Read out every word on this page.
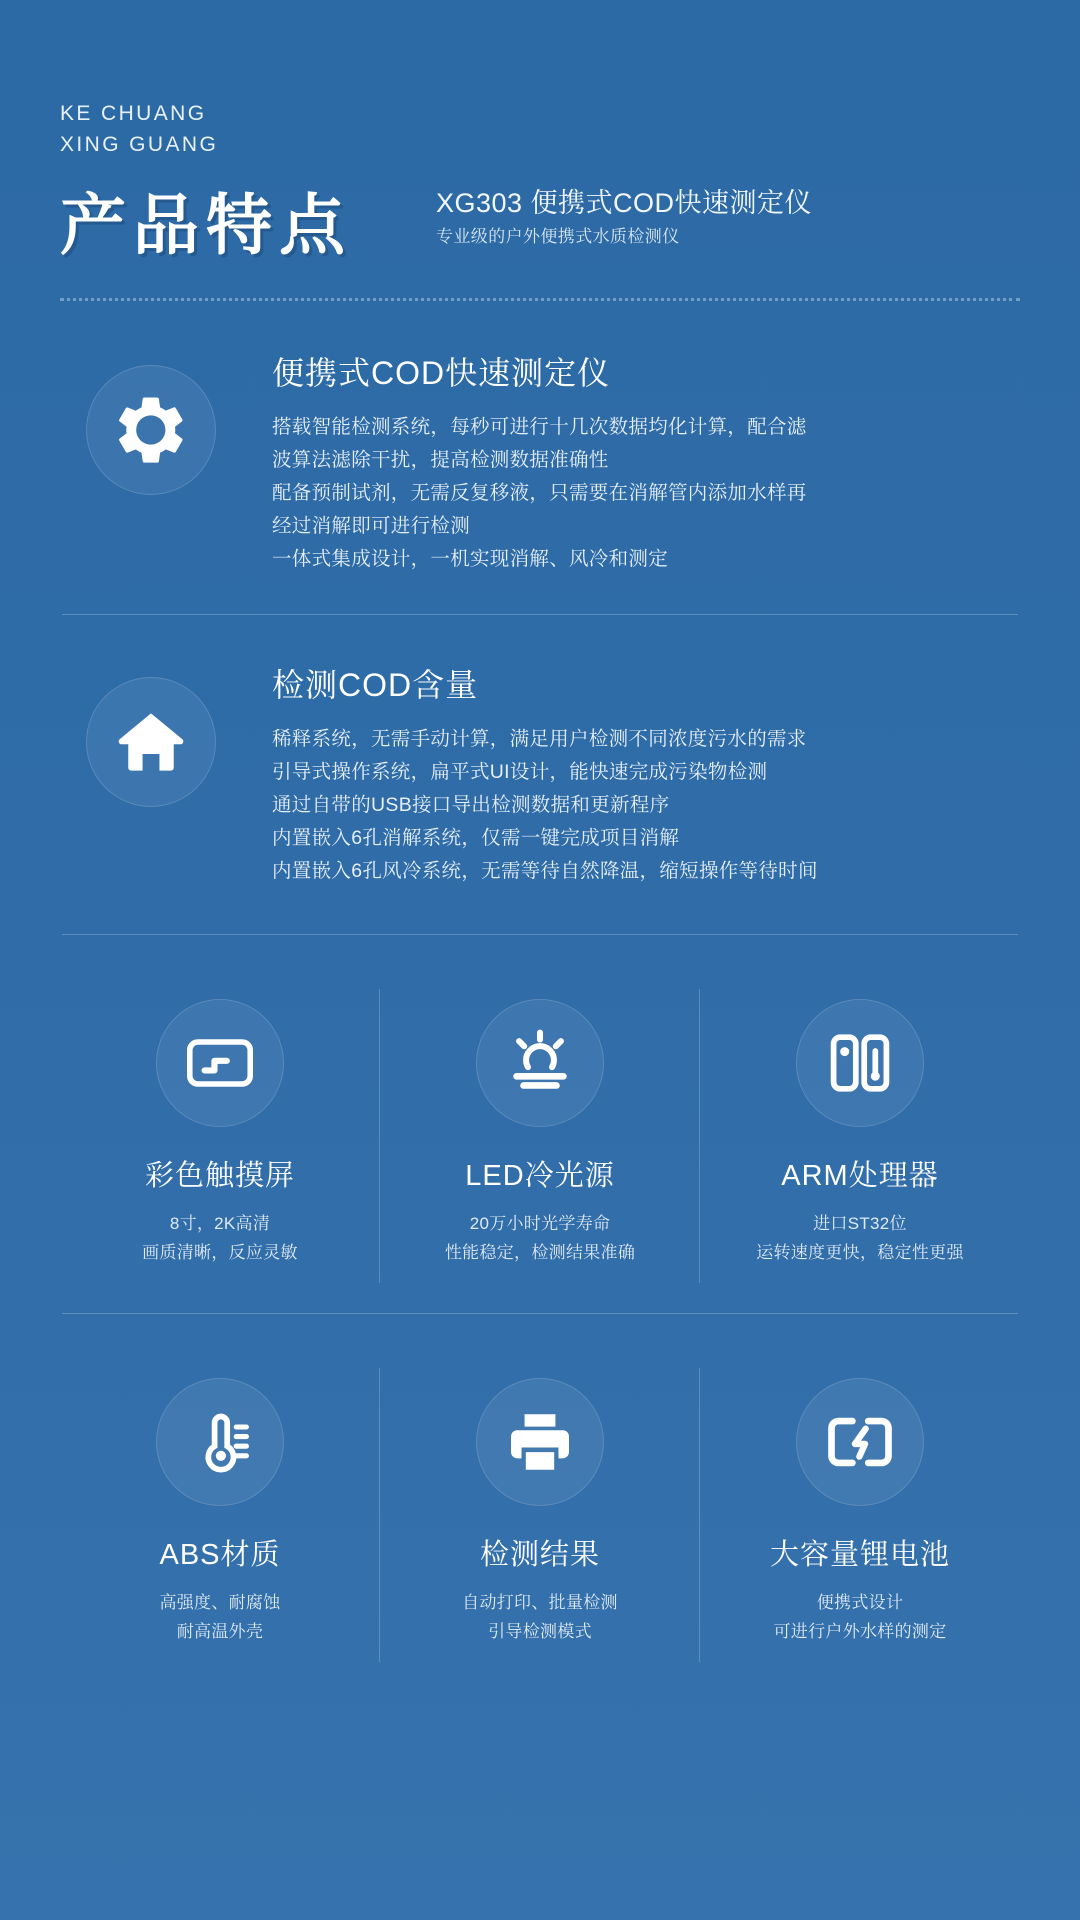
KE CHUANG
XING GUANG
产品特点	XG303 便携式COD快速测定仪
专业级的户外便携式水质检测仪
便携式COD快速测定仪

搭载智能检测系统，每秒可进行十几次数据均化计算，配合滤

波算法滤除干扰，提高检测数据准确性

配备预制试剂，无需反复移液，只需要在消解管内添加水样再

经过消解即可进行检测

一体式集成设计，一机实现消解、风冷和测定

检测COD含量

稀释系统，无需手动计算，满足用户检测不同浓度污水的需求

引导式操作系统，扁平式UI设计，能快速完成污染物检测

通过自带的USB接口导出检测数据和更新程序

内置嵌入6孔消解系统，仅需一键完成项目消解

内置嵌入6孔风冷系统，无需等待自然降温，缩短操作等待时间

彩色触摸屏
8寸，2K高清
画质清晰，反应灵敏
LED冷光源
20万小时光学寿命
性能稳定，检测结果准确
ARM处理器
进口ST32位
运转速度更快，稳定性更强
ABS材质
高强度、耐腐蚀
耐高温外壳
检测结果
自动打印、批量检测
引导检测模式
大容量锂电池
便携式设计
可进行户外水样的测定
